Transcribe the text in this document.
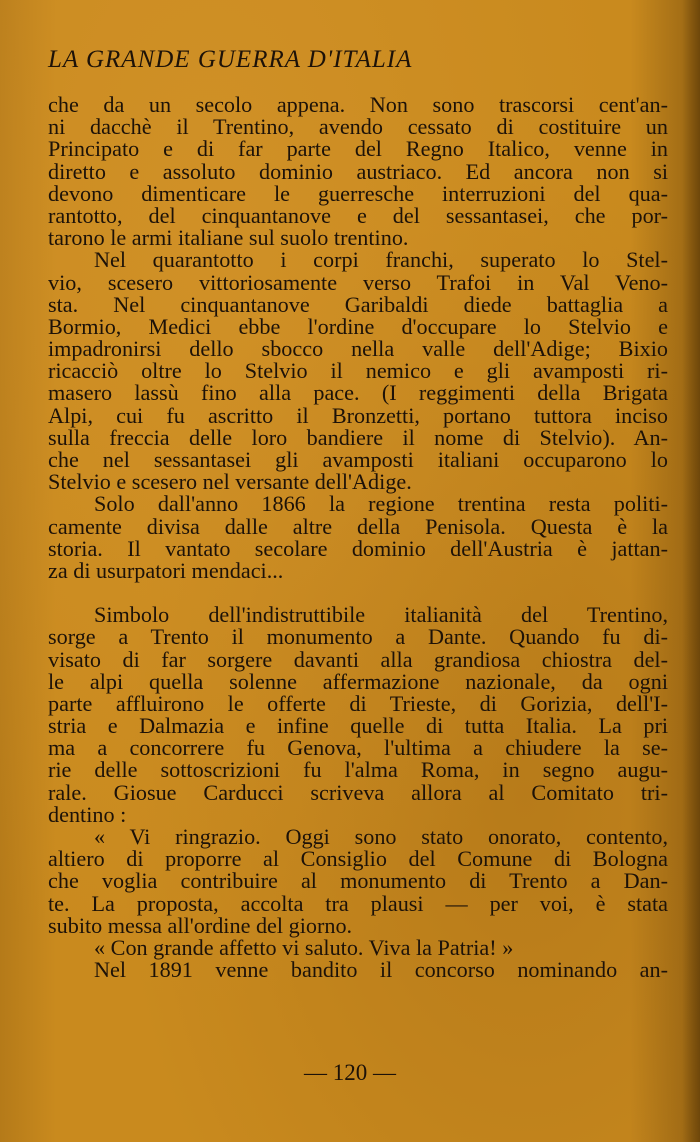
LA GRANDE GUERRA D'ITALIA
che da un secolo appena. Non sono trascorsi cent'an-
ni dacchè il Trentino, avendo cessato di costituire un
Principato e di far parte del Regno Italico, venne in
diretto e assoluto dominio austriaco. Ed ancora non si
devono dimenticare le guerresche interruzioni del qua-
rantotto, del cinquantanove e del sessantasei, che por-
tarono le armi italiane sul suolo trentino.
Nel quarantotto i corpi franchi, superato lo Stel-
vio, scesero vittoriosamente verso Trafoi in Val Veno-
sta. Nel cinquantanove Garibaldi diede battaglia a
Bormio, Medici ebbe l'ordine d'occupare lo Stelvio e
impadronirsi dello sbocco nella valle dell'Adige; Bixio
ricacciò oltre lo Stelvio il nemico e gli avamposti ri-
masero lassù fino alla pace. (I reggimenti della Brigata
Alpi, cui fu ascritto il Bronzetti, portano tuttora inciso
sulla freccia delle loro bandiere il nome di Stelvio). An-
che nel sessantasei gli avamposti italiani occuparono lo
Stelvio e scesero nel versante dell'Adige.
Solo dall'anno 1866 la regione trentina resta politi-
camente divisa dalle altre della Penisola. Questa è la
storia. Il vantato secolare dominio dell'Austria è jattan-
za di usurpatori mendaci...
Simbolo dell'indistruttibile italianità del Trentino,
sorge a Trento il monumento a Dante. Quando fu di-
visato di far sorgere davanti alla grandiosa chiostra del-
le alpi quella solenne affermazione nazionale, da ogni
parte affluirono le offerte di Trieste, di Gorizia, dell'I-
stria e Dalmazia e infine quelle di tutta Italia. La pri
ma a concorrere fu Genova, l'ultima a chiudere la se-
rie delle sottoscrizioni fu l'alma Roma, in segno augu-
rale. Giosue Carducci scriveva allora al Comitato tri-
dentino :
« Vi ringrazio. Oggi sono stato onorato, contento,
altiero di proporre al Consiglio del Comune di Bologna
che voglia contribuire al monumento di Trento a Dan-
te. La proposta, accolta tra plausi — per voi, è stata
subito messa all'ordine del giorno.
« Con grande affetto vi saluto. Viva la Patria! »
Nel 1891 venne bandito il concorso nominando an-
— 120 —
